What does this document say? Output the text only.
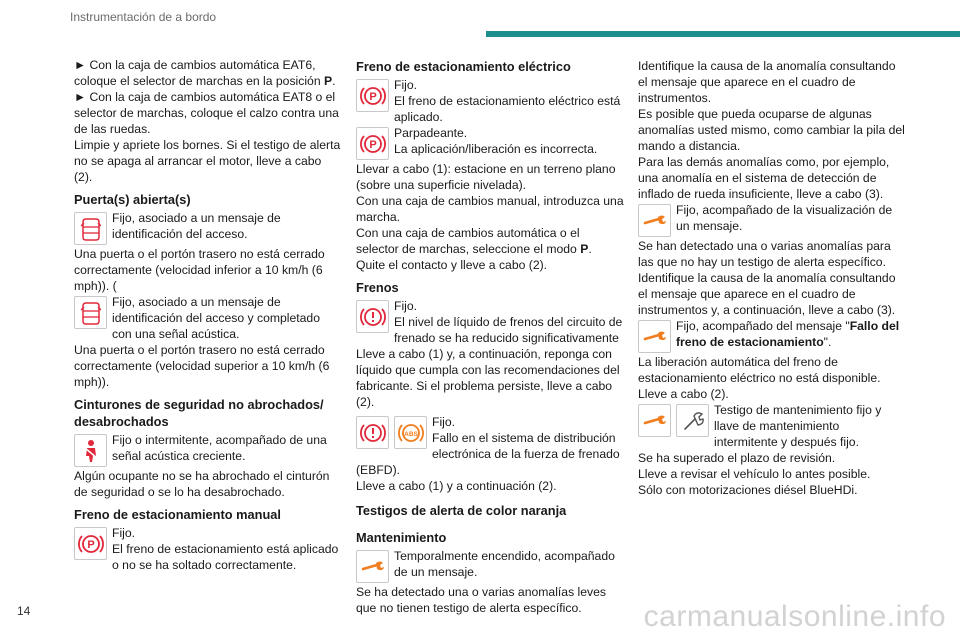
Instrumentación de a bordo

► Con la caja de cambios automática EAT6, coloque el selector de marchas en la posición P.

► Con la caja de cambios automática EAT8 o el selector de marchas, coloque el calzo contra una de las ruedas.

Limpie y apriete los bornes. Si el testigo de alerta no se apaga al arrancar el motor, lleve a cabo (2).

Puerta(s) abierta(s)
Fijo, asociado a un mensaje de identificación del acceso.

Una puerta o el portón trasero no está cerrado correctamente (velocidad inferior a 10 km/h (6 mph)). (

Fijo, asociado a un mensaje de identificación del acceso y completado con una señal acústica.

Una puerta o el portón trasero no está cerrado correctamente (velocidad superior a 10 km/h (6 mph)).

Cinturones de seguridad no abrochados/ desabrochados
Fijo o intermitente, acompañado de una señal acústica creciente.

Algún ocupante no se ha abrochado el cinturón de seguridad o se lo ha desabrochado.

Freno de estacionamiento manual
P
Fijo.
El freno de estacionamiento está aplicado o no se ha soltado correctamente.
Freno de estacionamiento eléctrico
P
Fijo.
El freno de estacionamiento eléctrico está aplicado.
P
Parpadeante.
La aplicación/liberación es incorrecta.

Llevar a cabo (1): estacione en un terreno plano (sobre una superficie nivelada).

Con una caja de cambios manual, introduzca una marcha.

Con una caja de cambios automática o el selector de marchas, seleccione el modo P.

Quite el contacto y lleve a cabo (2).

Frenos
Fijo.
El nivel de líquido de frenos del circuito de frenado se ha reducido significativamente

Lleve a cabo (1) y, a continuación, reponga con líquido que cumpla con las recomendaciones del fabricante. Si el problema persiste, lleve a cabo (2).

ABS
Fijo.
Fallo en el sistema de distribución electrónica de la fuerza de frenado (EBFD).

Lleve a cabo (1) y a continuación (2).

Testigos de alerta de color naranja
Mantenimiento
Temporalmente encendido, acompañado de un mensaje.

Se ha detectado una o varias anomalías leves que no tienen testigo de alerta específico.

Identifique la causa de la anomalía consultando el mensaje que aparece en el cuadro de instrumentos.

Es posible que pueda ocuparse de algunas anomalías usted mismo, como cambiar la pila del mando a distancia.

Para las demás anomalías como, por ejemplo, una anomalía en el sistema de detección de inflado de rueda insuficiente, lleve a cabo (3).

Fijo, acompañado de la visualización de un mensaje.

Se han detectado una o varias anomalías para las que no hay un testigo de alerta específico.

Identifique la causa de la anomalía consultando el mensaje que aparece en el cuadro de instrumentos y, a continuación, lleve a cabo (3).

Fijo, acompañado del mensaje "Fallo del freno de estacionamiento".

La liberación automática del freno de estacionamiento eléctrico no está disponible.

Lleve a cabo (2).

Testigo de mantenimiento fijo y llave de mantenimiento intermitente y después fijo.

Se ha superado el plazo de revisión.

Lleve a revisar el vehículo lo antes posible.

Sólo con motorizaciones diésel BlueHDi.

14	carmanualsonline.info
